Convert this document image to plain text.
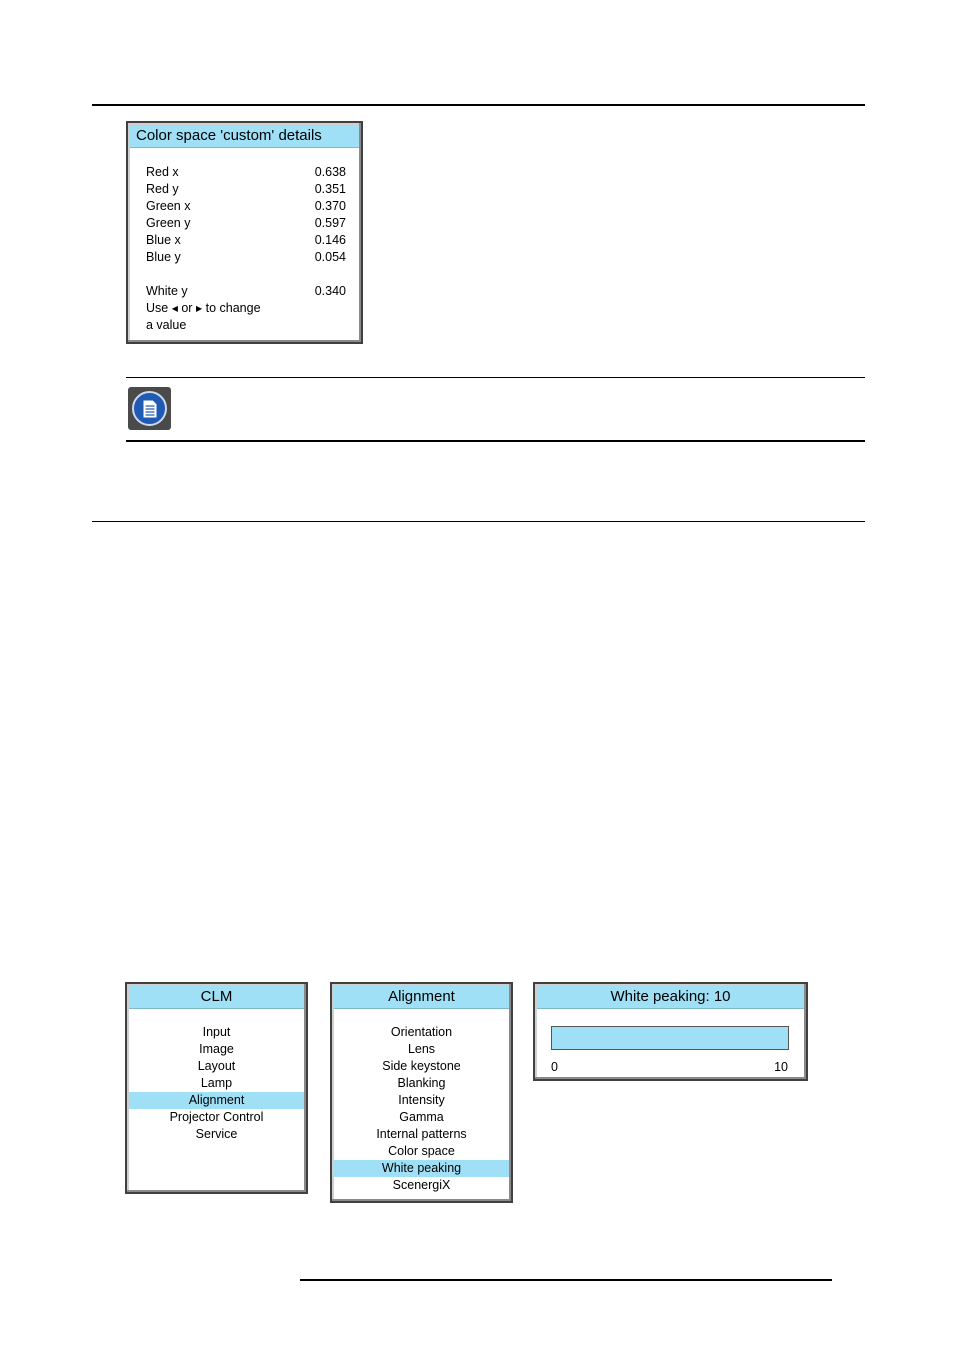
Color space 'custom' details
Red x	0.638
Red y	0.351
Green x	0.370
Green y	0.597
Blue x	0.146
Blue y	0.054
White y	0.340
Use ◀ or ▶ to change
a value
CLM
Input
Image
Layout
Lamp
Alignment
Projector Control
Service
Alignment
Orientation
Lens
Side keystone
Blanking
Intensity
Gamma
Internal patterns
Color space
White peaking
ScenergiX
White peaking: 10
0	10
